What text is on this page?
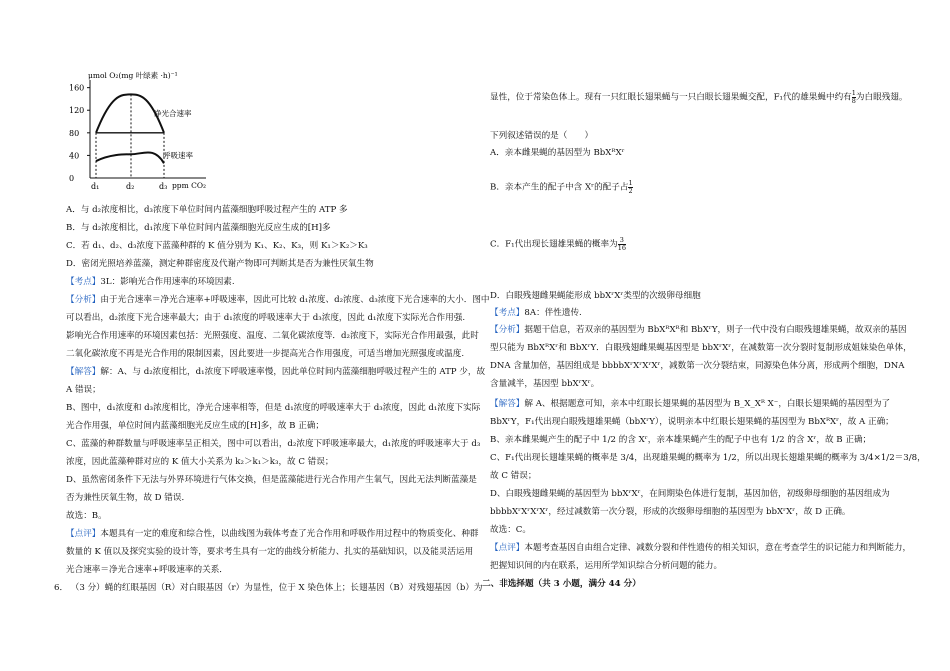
μmol O₂(mg 叶绿素 ·h)⁻¹
160
120
80
40
0
d₁	d₂	d₃
净光合速率
呼吸速率
ppm CO₂
A．与 d₂浓度相比，d₃浓度下单位时间内蓝藻细胞呼吸过程产生的 ATP 多
B．与 d₂浓度相比，d₁浓度下单位时间内蓝藻细胞光反应生成的[H]多
C．若 d₁、d₂、d₃浓度下蓝藻种群的 K 值分别为 K₁、K₂、K₃，则 K₁＞K₂＞K₃
D．密闭光照培养蓝藻，测定种群密度及代谢产物即可判断其是否为兼性厌氧生物
【考点】3L：影响光合作用速率的环境因素.
【分析】由于光合速率＝净光合速率+呼吸速率，因此可比较 d₁浓度、d₂浓度、d₃浓度下光合速率的大小．图中
可以看出，d₂浓度下光合速率最大；由于 d₁浓度的呼吸速率大于 d₃浓度，因此 d₁浓度下实际光合作用强.
影响光合作用速率的环境因素包括：光照强度、温度、二氧化碳浓度等．d₂浓度下，实际光合作用最强，此时
二氧化碳浓度不再是光合作用的限制因素，因此要进一步提高光合作用强度，可适当增加光照强度或温度.
【解答】解：A、与 d₂浓度相比，d₁浓度下呼吸速率慢，因此单位时间内蓝藻细胞呼吸过程产生的 ATP 少，故
A 错误；
B、图中，d₁浓度和 d₃浓度相比，净光合速率相等，但是 d₁浓度的呼吸速率大于 d₃浓度，因此 d₁浓度下实际
光合作用强，单位时间内蓝藻细胞光反应生成的[H]多，故 B 正确；
C、蓝藻的种群数量与呼吸速率呈正相关，图中可以看出，d₂浓度下呼吸速率最大，d₁浓度的呼吸速率大于 d₃
浓度，因此蓝藻种群对应的 K 值大小关系为 k₂＞k₁＞k₃，故 C 错误；
D、虽然密闭条件下无法与外界环境进行气体交换，但是蓝藻能进行光合作用产生氧气，因此无法判断蓝藻是
否为兼性厌氧生物，故 D 错误．
故选：B。
【点评】本题具有一定的难度和综合性，以曲线图为载体考查了光合作用和呼吸作用过程中的物质变化、种群
数量的 K 值以及探究实验的设计等，要求考生具有一定的曲线分析能力、扎实的基础知识，以及能灵活运用
光合速率＝净光合速率+呼吸速率的关系．
6． （3 分）蝇的红眼基因（R）对白眼基因（r）为显性，位于 X 染色体上；长翅基因（B）对残翅基因（b）为
显性，位于常染色体上。现有一只红眼长翅果蝇与一只白眼长翅果蝇交配，F₁代的雄果蝇中约有 $\frac{1}{8}$ 为白眼残翅。
下列叙述错误的是（　　）
A．亲本雌果蝇的基因型为 BbXᴿXʳ
B．亲本产生的配子中含 Xʳ的配子占 $\frac{1}{2}$
C．F₁代出现长翅雄果蝇的概率为 $\frac{3}{16}$
D．白眼残翅雌果蝇能形成 bbXʳXʳ类型的次级卵母细胞
【考点】8A：伴性遗传.
【分析】据题干信息，若双亲的基因型为 BbXᴿXᴿ和 BbXʳY，则子一代中没有白眼残翅雄果蝇，故双亲的基因
型只能为 BbXᴿXʳ和 BbXʳY．白眼残翅雌果蝇基因型是 bbXʳXʳ，在减数第一次分裂时复制形成姐妹染色单体，
DNA 含量加倍，基因组成是 bbbbXʳXʳXʳXʳ，减数第一次分裂结束，同源染色体分离，形成两个细胞，DNA
含量减半，基因型 bbXʳXʳ。
【解答】解 A、根据题意可知，亲本中红眼长翅果蝇的基因型为 B_X_Xᴿ X⁻，白眼长翅果蝇的基因型为了
BbXʳY，F₁代出现白眼残翅雄果蝇（bbXʳY），说明亲本中红眼长翅果蝇的基因型为 BbXᴿXʳ，故 A 正确；
B、亲本雌果蝇产生的配子中 1/2 的含 Xʳ，亲本雄果蝇产生的配子中也有 1/2 的含 Xʳ，故 B 正确；
C、F₁代出现长翅雄果蝇的概率是 3/4，出现雄果蝇的概率为 1/2，所以出现长翅雄果蝇的概率为 3/4×1/2＝3/8，
故 C 错误；
D、白眼残翅雌果蝇的基因型为 bbXʳXʳ，在间期染色体进行复制，基因加倍，初级卵母细胞的基因组成为
bbbbXʳXʳXʳXʳ，经过减数第一次分裂，形成的次级卵母细胞的基因型为 bbXʳXʳ，故 D 正确。
故选：C。
【点评】本题考查基因自由组合定律、减数分裂和伴性遗传的相关知识，意在考查学生的识记能力和判断能力，
把握知识间的内在联系，运用所学知识综合分析问题的能力。
二、非选择题（共 3 小题，满分 44 分）
